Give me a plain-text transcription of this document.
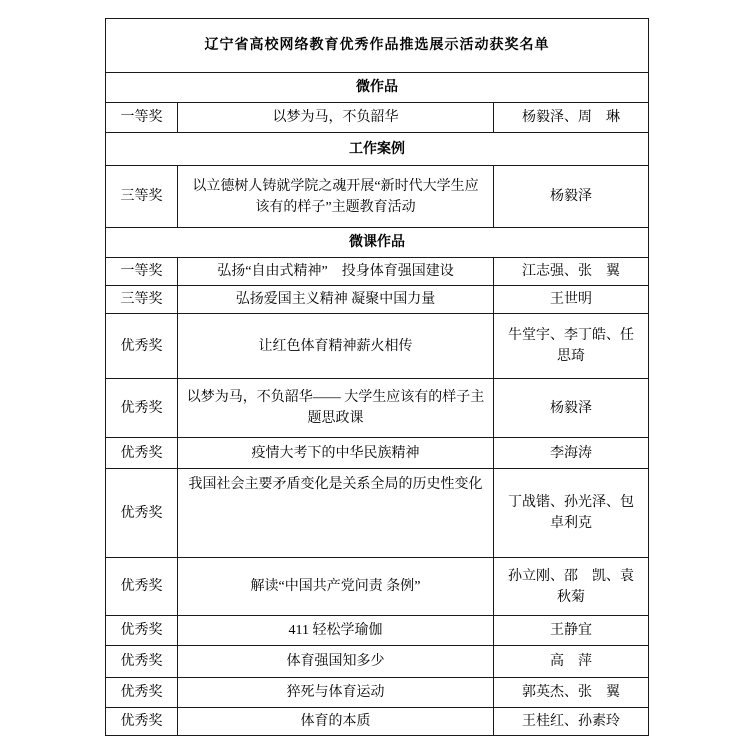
辽宁省高校网络教育优秀作品推选展示活动获奖名单		
微作品		
一等奖	以梦为马，不负韶华	杨毅泽、周　琳
工作案例		
三等奖	以立德树人铸就学院之魂开展“新时代大学生应该有的样子”主题教育活动	杨毅泽
微课作品		
一等奖	弘扬“自由式精神”　投身体育强国建设	江志强、张　翼
三等奖	弘扬爱国主义精神 凝聚中国力量	王世明
优秀奖	让红色体育精神薪火相传	牛堂宇、李丁皓、任思琦
优秀奖	以梦为马，不负韶华—— 大学生应该有的样子主题思政课	杨毅泽
优秀奖	疫情大考下的中华民族精神	李海涛
优秀奖	我国社会主要矛盾变化是关系全局的历史性变化	丁战锴、孙光泽、包卓利克
优秀奖	解读“中国共产党问责 条例”	孙立刚、邵　凯、袁秋菊
优秀奖	411 轻松学瑜伽	王静宜
优秀奖	体育强国知多少	高　萍
优秀奖	猝死与体育运动	郭英杰、张　翼
优秀奖	体育的本质	王桂红、孙素玲
